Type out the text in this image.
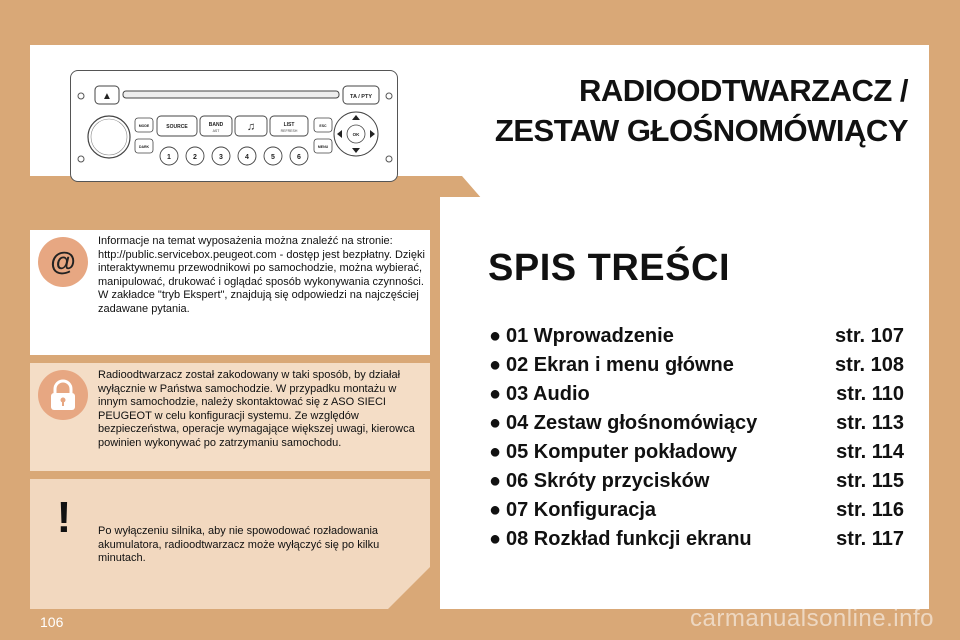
▲	TA / PTY
MODE
DARK
SOURCE	BAND
AST ♫	LIST
REFRESH
ESC
MENU
OK
1	2	3	4	5	6
RADIOODTWARZACZ /
ZESTAW GŁOŚNOMÓWIĄCY
@

Informacje na temat wyposażenia można znaleźć na stronie: http://public.servicebox.peugeot.com - dostęp jest bezpłatny. Dzięki interaktywnemu przewodnikowi po samochodzie, można wybierać, manipulować, drukować i oglądać sposób wykonywania czynności. W zakładce "tryb Ekspert", znajdują się odpowiedzi na najczęściej zadawane pytania.

Radioodtwarzacz został zakodowany w taki sposób, by działał wyłącznie w Państwa samochodzie. W przypadku montażu w innym samochodzie, należy skontaktować się z ASO SIECI PEUGEOT w celu konfiguracji systemu. Ze względów bezpieczeństwa, operacje wymagające większej uwagi, kierowca powinien wykonywać po zatrzymaniu samochodu.

! Po wyłączeniu silnika, aby nie spowodować rozładowania akumulatora, radioodtwarzacz może wyłączyć się po kilku minutach.

SPIS TREŚCI
● 01 Wprowadzenie	str. 107
● 02 Ekran i menu główne	str. 108
● 03 Audio	str. 110
● 04 Zestaw głośnomówiący	str. 113
● 05 Komputer pokładowy	str. 114
● 06 Skróty przycisków	str. 115
● 07 Konfiguracja	str. 116
● 08 Rozkład funkcji ekranu	str. 117

106	carmanualsonline.info
